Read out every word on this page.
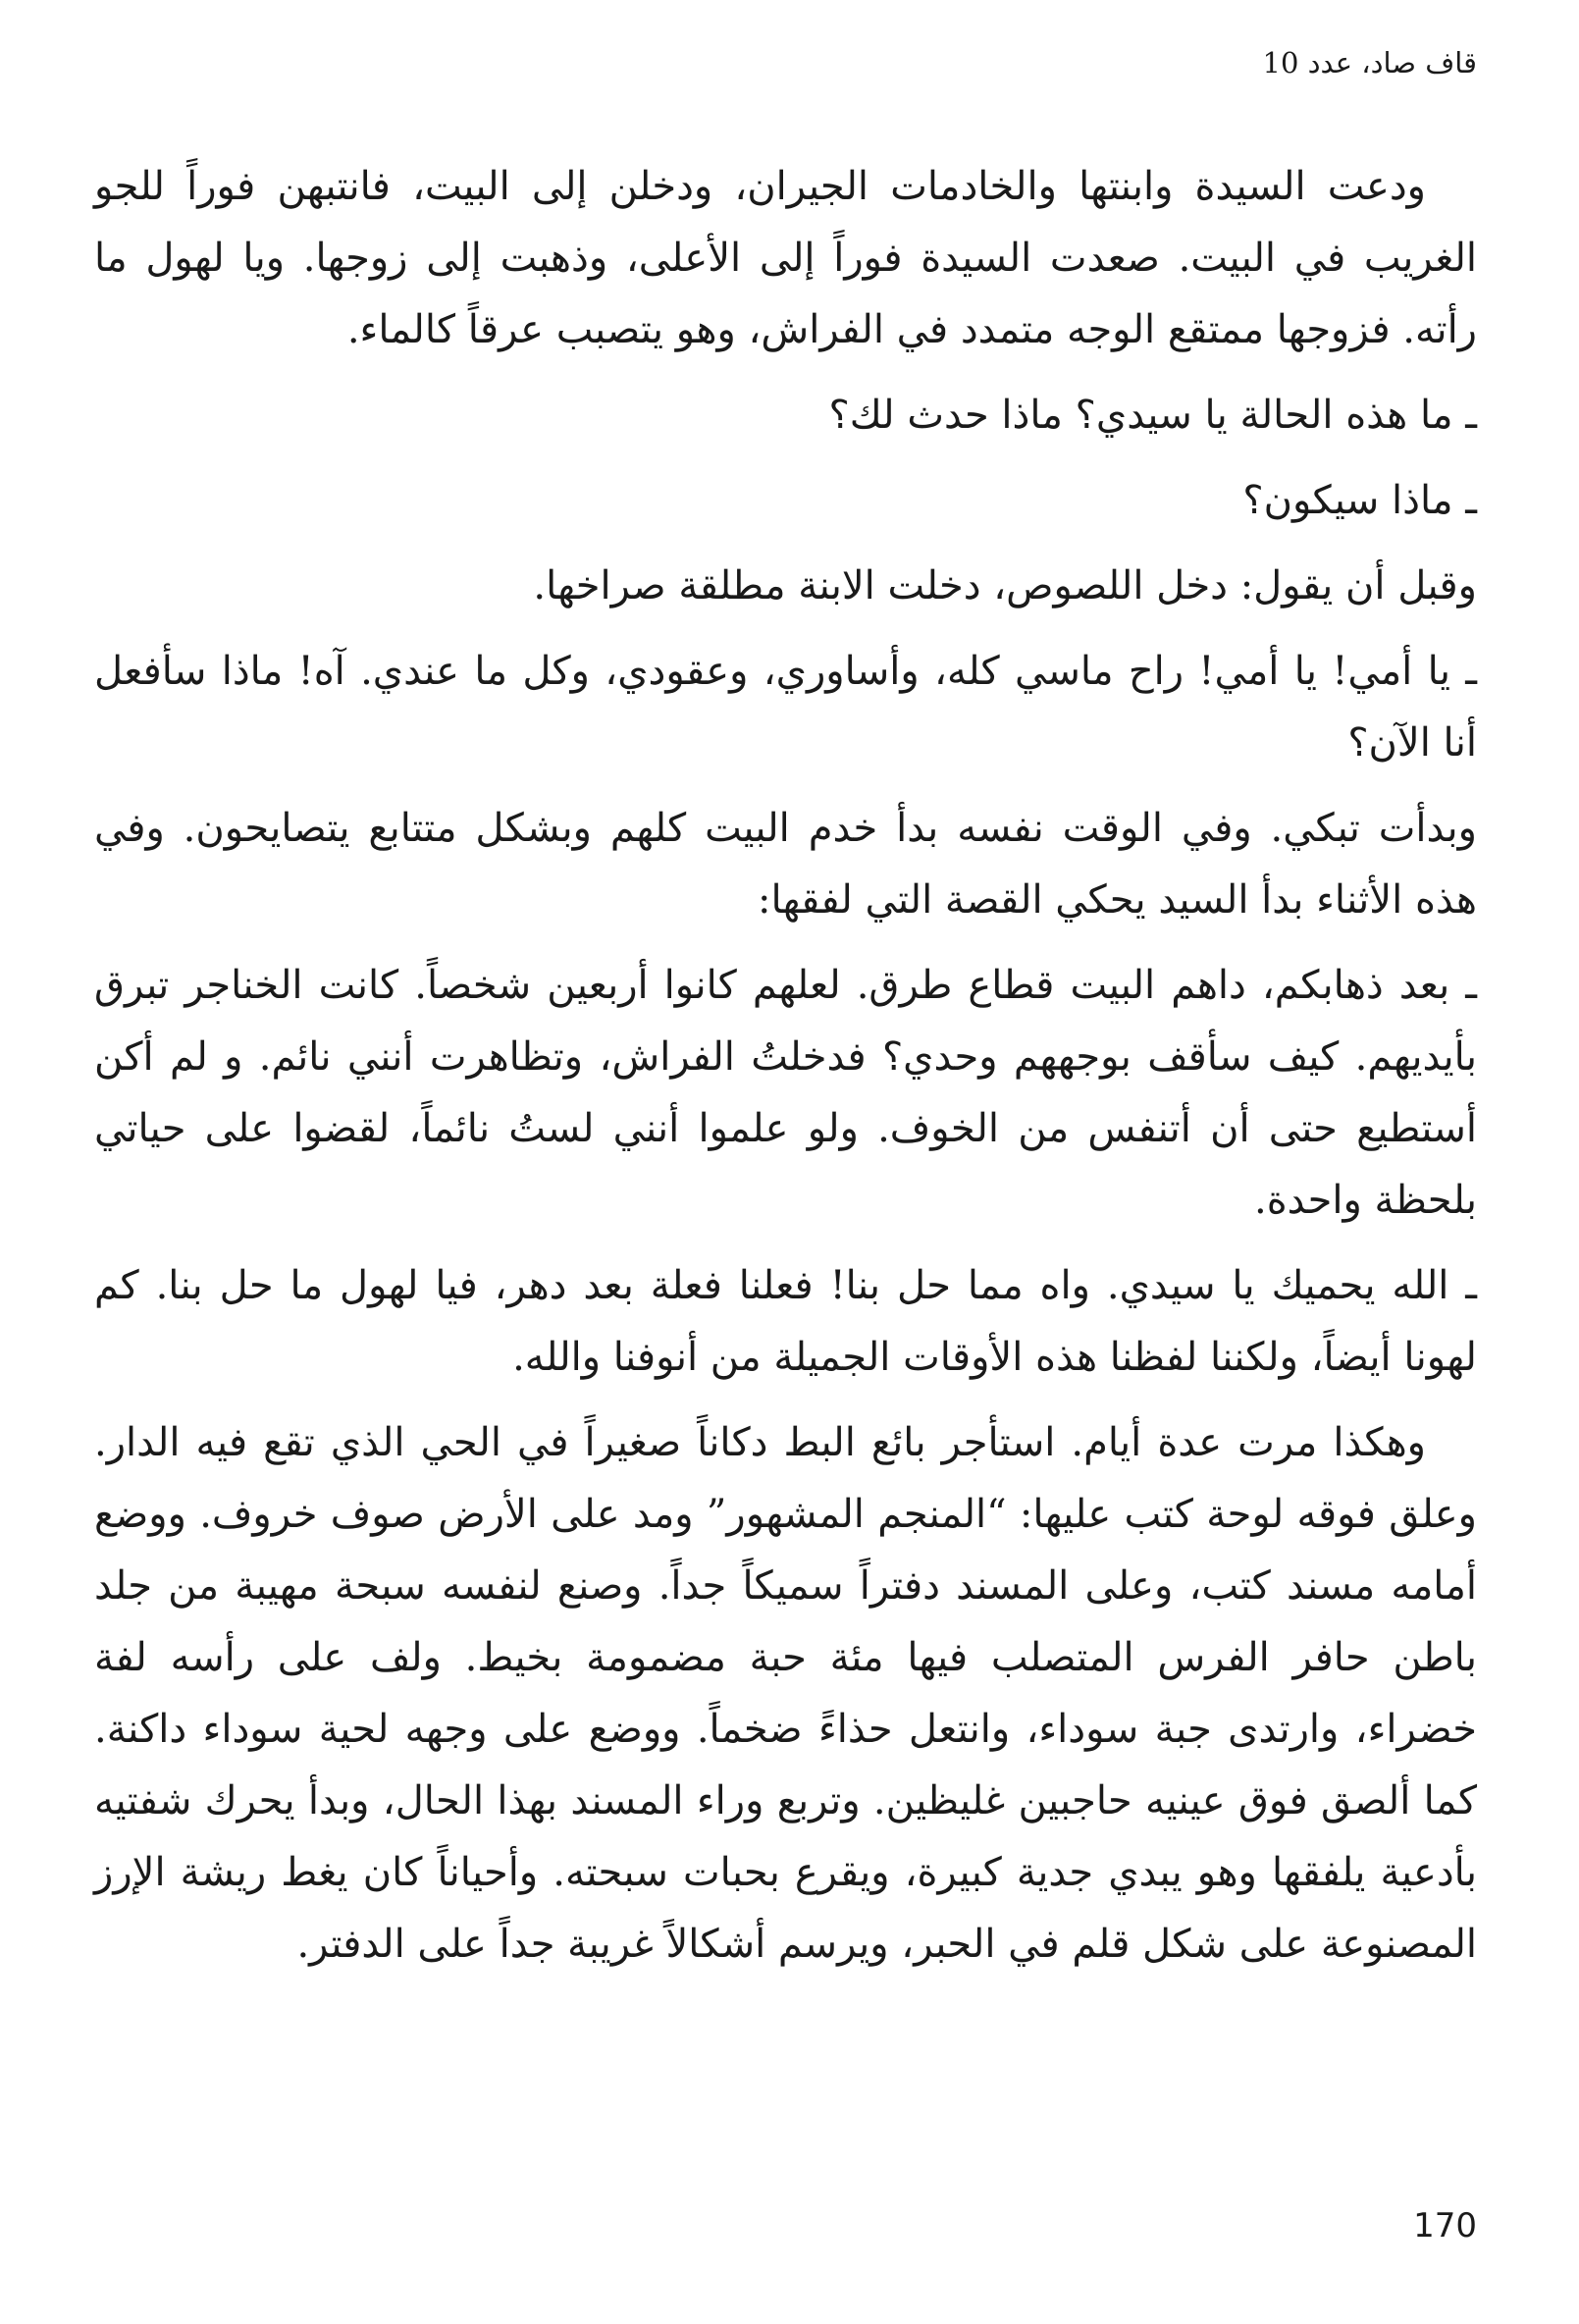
قاف صاد، عدد 10

ودعت السيدة وابنتها والخادمات الجيران، ودخلن إلى البيت، فانتبهن فوراً للجو الغريب في البيت. صعدت السيدة فوراً إلى الأعلى، وذهبت إلى زوجها. ويا لهول ما رأته. فزوجها ممتقع الوجه متمدد في الفراش، وهو يتصبب عرقاً كالماء.

ـ ما هذه الحالة يا سيدي؟ ماذا حدث لك؟

ـ ماذا سيكون؟

وقبل أن يقول: دخل اللصوص، دخلت الابنة مطلقة صراخها.

ـ يا أمي! يا أمي! راح ماسي كله، وأساوري، وعقودي، وكل ما عندي. آه! ماذا سأفعل أنا الآن؟

وبدأت تبكي. وفي الوقت نفسه بدأ خدم البيت كلهم وبشكل متتابع يتصايحون. وفي هذه الأثناء بدأ السيد يحكي القصة التي لفقها:

ـ بعد ذهابكم، داهم البيت قطاع طرق. لعلهم كانوا أربعين شخصاً. كانت الخناجر تبرق بأيديهم. كيف سأقف بوجههم وحدي؟ فدخلتُ الفراش، وتظاهرت أنني نائم. و لم أكن أستطيع حتى أن أتنفس من الخوف. ولو علموا أنني لستُ نائماً، لقضوا على حياتي بلحظة واحدة.

ـ الله يحميك يا سيدي. واه مما حل بنا! فعلنا فعلة بعد دهر، فيا لهول ما حل بنا. كم لهونا أيضاً، ولكننا لفظنا هذه الأوقات الجميلة من أنوفنا والله.

وهكذا مرت عدة أيام. استأجر بائع البط دكاناً صغيراً في الحي الذي تقع فيه الدار. وعلق فوقه لوحة كتب عليها: “المنجم المشهور” ومد على الأرض صوف خروف. ووضع أمامه مسند كتب، وعلى المسند دفتراً سميكاً جداً. وصنع لنفسه سبحة مهيبة من جلد باطن حافر الفرس المتصلب فيها مئة حبة مضمومة بخيط. ولف على رأسه لفة خضراء، وارتدى جبة سوداء، وانتعل حذاءً ضخماً. ووضع على وجهه لحية سوداء داكنة. كما ألصق فوق عينيه حاجبين غليظين. وتربع وراء المسند بهذا الحال، وبدأ يحرك شفتيه بأدعية يلفقها وهو يبدي جدية كبيرة، ويقرع بحبات سبحته. وأحياناً كان يغط ريشة الإرز المصنوعة على شكل قلم في الحبر، ويرسم أشكالاً غريبة جداً على الدفتر.

170
